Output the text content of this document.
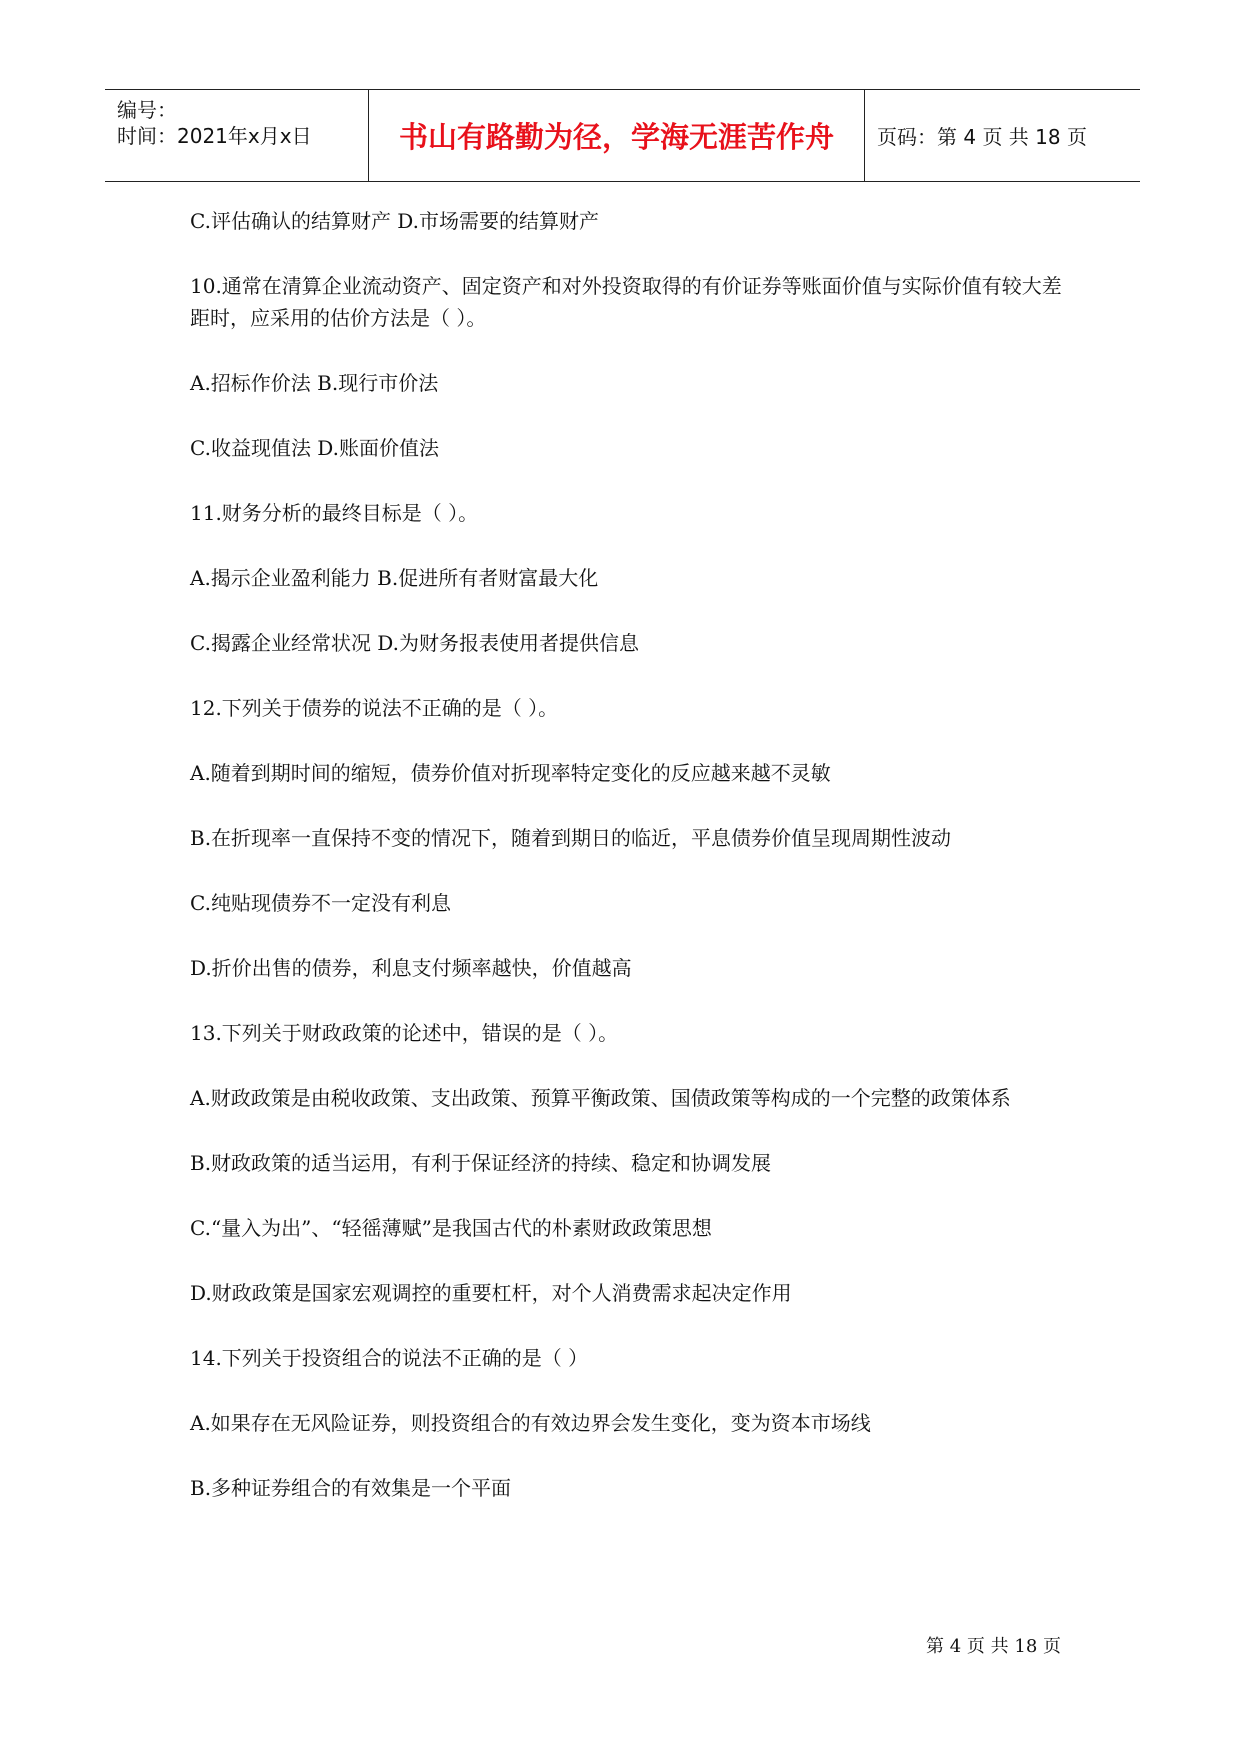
编号：
时间：2021年x月x日	书山有路勤为径，学海无涯苦作舟	页码：第 4 页 共 18 页

C.评估确认的结算财产 D.市场需要的结算财产

10.通常在清算企业流动资产、固定资产和对外投资取得的有价证券等账面价值与实际价值有较大差距时，应采用的估价方法是（ ）。

A.招标作价法 B.现行市价法

C.收益现值法 D.账面价值法

11.财务分析的最终目标是（ ）。

A.揭示企业盈利能力 B.促进所有者财富最大化

C.揭露企业经常状况 D.为财务报表使用者提供信息

12.下列关于债券的说法不正确的是（ ）。

A.随着到期时间的缩短，债券价值对折现率特定变化的反应越来越不灵敏

B.在折现率一直保持不变的情况下，随着到期日的临近，平息债券价值呈现周期性波动

C.纯贴现债券不一定没有利息

D.折价出售的债券，利息支付频率越快，价值越高

13.下列关于财政政策的论述中，错误的是（ ）。

A.财政政策是由税收政策、支出政策、预算平衡政策、国债政策等构成的一个完整的政策体系

B.财政政策的适当运用，有利于保证经济的持续、稳定和协调发展

C.“量入为出”、“轻徭薄赋”是我国古代的朴素财政政策思想

D.财政政策是国家宏观调控的重要杠杆，对个人消费需求起决定作用

14.下列关于投资组合的说法不正确的是（ ）

A.如果存在无风险证券，则投资组合的有效边界会发生变化，变为资本市场线

B.多种证券组合的有效集是一个平面

第 4 页 共 18 页
